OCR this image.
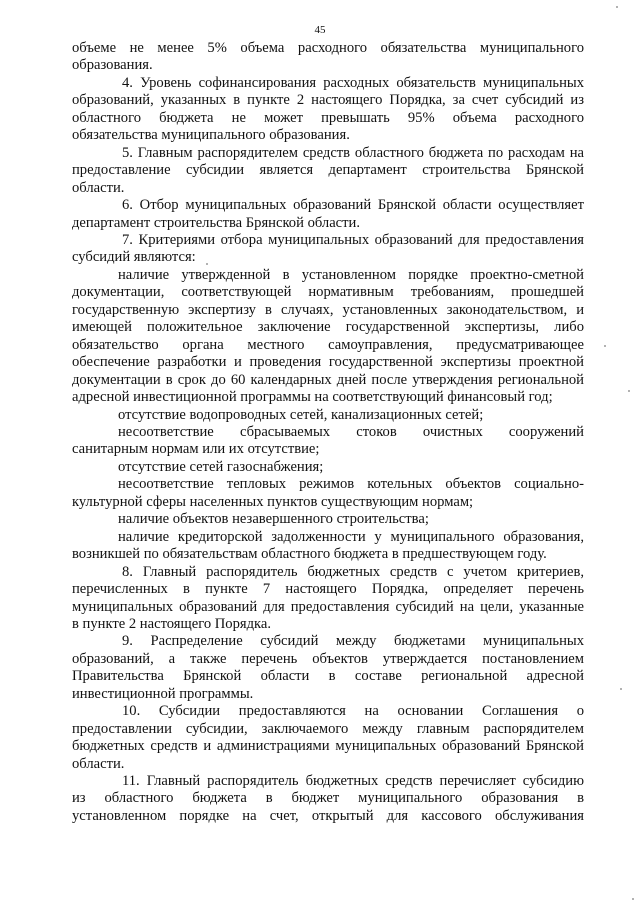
45

объеме не менее 5% объема расходного обязательства муниципального

образования.

4. Уровень софинансирования расходных обязательств муниципальных

образований, указанных в пункте 2 настоящего Порядка, за счет субсидий из

областного бюджета не может превышать 95% объема расходного

обязательства муниципального образования.

5. Главным распорядителем средств областного бюджета по расходам на

предоставление субсидии является департамент строительства Брянской

области.

6. Отбор муниципальных образований Брянской области осуществляет

департамент строительства Брянской области.

7. Критериями отбора муниципальных образований для предоставления

субсидий являются:

наличие утвержденной в установленном порядке проектно-сметной

документации, соответствующей нормативным требованиям, прошедшей

государственную экспертизу в случаях, установленных законодательством, и

имеющей положительное заключение государственной экспертизы, либо

обязательство органа местного самоуправления, предусматривающее

обеспечение разработки и проведения государственной экспертизы проектной

документации в срок до 60 календарных дней после утверждения региональной

адресной инвестиционной программы на соответствующий финансовый год;

отсутствие водопроводных сетей, канализационных сетей;

несоответствие сбрасываемых стоков очистных сооружений

санитарным нормам или их отсутствие;

отсутствие сетей газоснабжения;

несоответствие тепловых режимов котельных объектов социально-

культурной сферы населенных пунктов существующим нормам;

наличие объектов незавершенного строительства;

наличие кредиторской задолженности у муниципального образования,

возникшей по обязательствам областного бюджета в предшествующем году.

8. Главный распорядитель бюджетных средств с учетом критериев,

перечисленных в пункте 7 настоящего Порядка, определяет перечень

муниципальных образований для предоставления субсидий на цели, указанные

в пункте 2 настоящего Порядка.

9. Распределение субсидий между бюджетами муниципальных

образований, а также перечень объектов утверждается постановлением

Правительства Брянской области в составе региональной адресной

инвестиционной программы.

10. Субсидии предоставляются на основании Соглашения о

предоставлении субсидии, заключаемого между главным распорядителем

бюджетных средств и администрациями муниципальных образований Брянской

области.

11. Главный распорядитель бюджетных средств перечисляет субсидию

из областного бюджета в бюджет муниципального образования в

установленном порядке на счет, открытый для кассового обслуживания
